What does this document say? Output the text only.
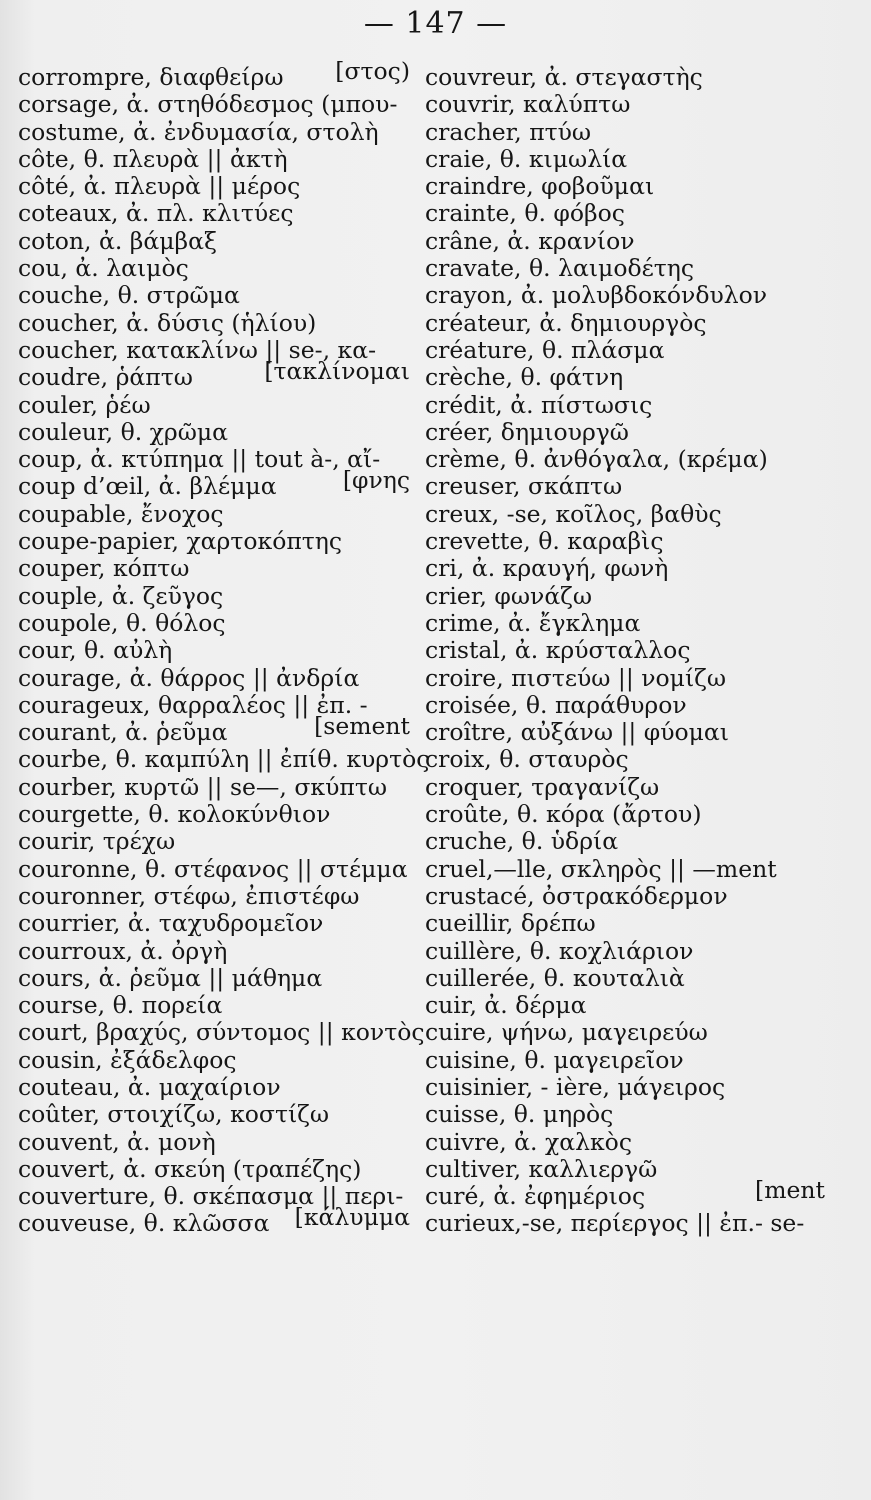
— 147 —
corrompre, διαφθείρω [στος)
corsage, ἀ. στηθόδεσμος (μπου-
costume, ἀ. ἐνδυμασία, στολὴ
côte, θ. πλευρὰ || ἀκτὴ
côté, ἀ. πλευρὰ || μέρος
coteaux, ἀ. πλ. κλιτύες
coton, ἀ. βάμβαξ
cou, ἀ. λαιμὸς
couche, θ. στρῶμα
coucher, ἀ. δύσις (ἡλίου)
coucher, κατακλίνω || se-, κα-
coudre, ῥάπτω	[τακλίνομαι
couler, ῥέω
couleur, θ. χρῶμα
coup, ἀ. κτύπημα || tout à-, αἴ-
coup d’œil, ἀ. βλέμμα	[φνης
coupable, ἔνοχος
coupe-papier, χαρτοκόπτης
couper, κόπτω
couple, ἀ. ζεῦγος
coupole, θ. θόλος
cour, θ. αὐλὴ
courage, ἀ. θάρρος || ἀνδρία
courageux, θαρραλέος || ἐπ. -
courant, ἀ. ῥεῦμα	[sement
courbe, θ. καμπύλη || ἐπίθ. κυρτὸς
courber, κυρτῶ || se—, σκύπτω
courgette, θ. κολοκύνθιον
courir, τρέχω
couronne, θ. στέφανος || στέμμα
couronner, στέφω, ἐπιστέφω
courrier, ἀ. ταχυδρομεῖον
courroux, ἀ. ὀργὴ
cours, ἀ. ῥεῦμα || μάθημα
course, θ. πορεία
court, βραχύς, σύντομος || κοντὸς
cousin, ἐξάδελφος
couteau, ἀ. μαχαίριον
coûter, στοιχίζω, κοστίζω
couvent, ἀ. μονὴ
couvert, ἀ. σκεύη (τραπέζης)
couverture, θ. σκέπασμα || περι-
couveuse, θ. κλῶσσα [κάλυμμα
couvreur, ἀ. στεγαστὴς
couvrir, καλύπτω
cracher, πτύω
craie, θ. κιμωλία
craindre, φοβοῦμαι
crainte, θ. φόβος
crâne, ἀ. κρανίον
cravate, θ. λαιμοδέτης
crayon, ἀ. μολυβδοκόνδυλον
créateur, ἀ. δημιουργὸς
créature, θ. πλάσμα
crèche, θ. φάτνη
crédit, ἀ. πίστωσις
créer, δημιουργῶ
crème, θ. ἀνθόγαλα, (κρέμα)
creuser, σκάπτω
creux, -se, κοῖλος, βαθὺς
crevette, θ. καραβὶς
cri, ἀ. κραυγή, φωνὴ
crier, φωνάζω
crime, ἀ. ἔγκλημα
cristal, ἀ. κρύσταλλος
croire, πιστεύω || νομίζω
croisée, θ. παράθυρον
croître, αὐξάνω || φύομαι
croix, θ. σταυρὸς
croquer, τραγανίζω
croûte, θ. κόρα (ἄρτου)
cruche, θ. ὑδρία
cruel,—lle, σκληρὸς || —ment
crustacé, ὀστρακόδερμον
cueillir, δρέπω
cuillère, θ. κοχλιάριον
cuillerée, θ. κουταλιὰ
cuir, ἀ. δέρμα
cuire, ψήνω, μαγειρεύω
cuisine, θ. μαγειρεῖον
cuisinier, - ière, μάγειρος
cuisse, θ. μηρὸς
cuivre, ἀ. χαλκὸς
cultiver, καλλιεργῶ
curé, ἀ. ἐφημέριος	[ment
curieux,-se, περίεργος || ἐπ.- se-
